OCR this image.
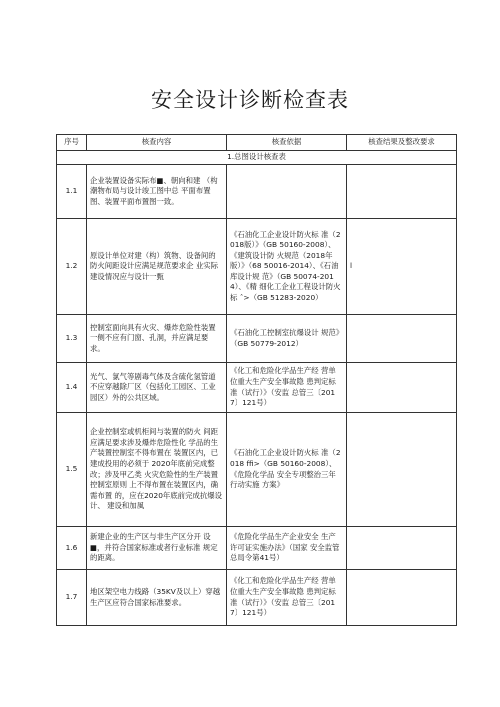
安全设计诊断检查表
序号	核查内容	核查依据	核查结果及整改要求
1.总图设计核查表			
1.1	企业装置设备实际布■、朝向和建 （构潮物布局与设计竣工图中总 平面布置图、装置平面布置图一致。		
1.2	原设计单位对建（构）筑物、设备间的防火间距设计应满足规范要求企 业实际建设情况应与设计一甄	《石油化工企业设计防火标 准（2018版）》（GB 50160-2008）、《建筑设计防 火规范（2018年版）》（68 50016-2014）、《石油库设计规 范》（GB 50074-2014）、《精 细化工企业工程设计防火标 ˆ>（GB 51283-2020）	l
1.3	控制室面向具有火灾、爆炸危险性装置一侧不应有门窗、孔洞，并应满足要求。	《石油化工控制室抗爆设计 规范》（GB 50779-2012）	
1.4	光气、氯气等剧毒气体及含硫化氢管道不应穿越除厂区（包括化工园区、工业园区）外的公共区域。	《化工和危险化学品生产经 营单位重大生产安全事故隐 患判定标准（试行）》（安监 总管三〔2017〕121号）	
1.5	企业控制室或机柜间与装置的防火 间距应满足要求涉及爆炸危险性化 学品的生产装置控制室不得布置在 装置区内，已建成投用的必须于 2020年底前完成整改；涉及甲乙类 火灾危险性的生产装置控制室原则 上不得布置在装置区内，确需布置 的，应在2020年底前完成抗爆设计、 建设和加風	《石油化工企业设计防火标 准（2018 ffi>（GB 50160-2008）、《危险化学品 安全专项整治三年行动实施 方案》	
1.6	新建企业的生产区与非生产区分开 设 ■，并符合国家标准或者行业标准 规定的距离。	《危险化学品生产企业安全 生产许可证实施办法》（国家 安全监管总局令第41号）	
1.7	地区架空电力线路（35KV及以上）穿越生产区应符合国家标准要求。	《化工和危险化学品生产经 营单位重大生产安全事故隐 患判定标准（试行）》（安监 总管三〔2017〕121号）	
